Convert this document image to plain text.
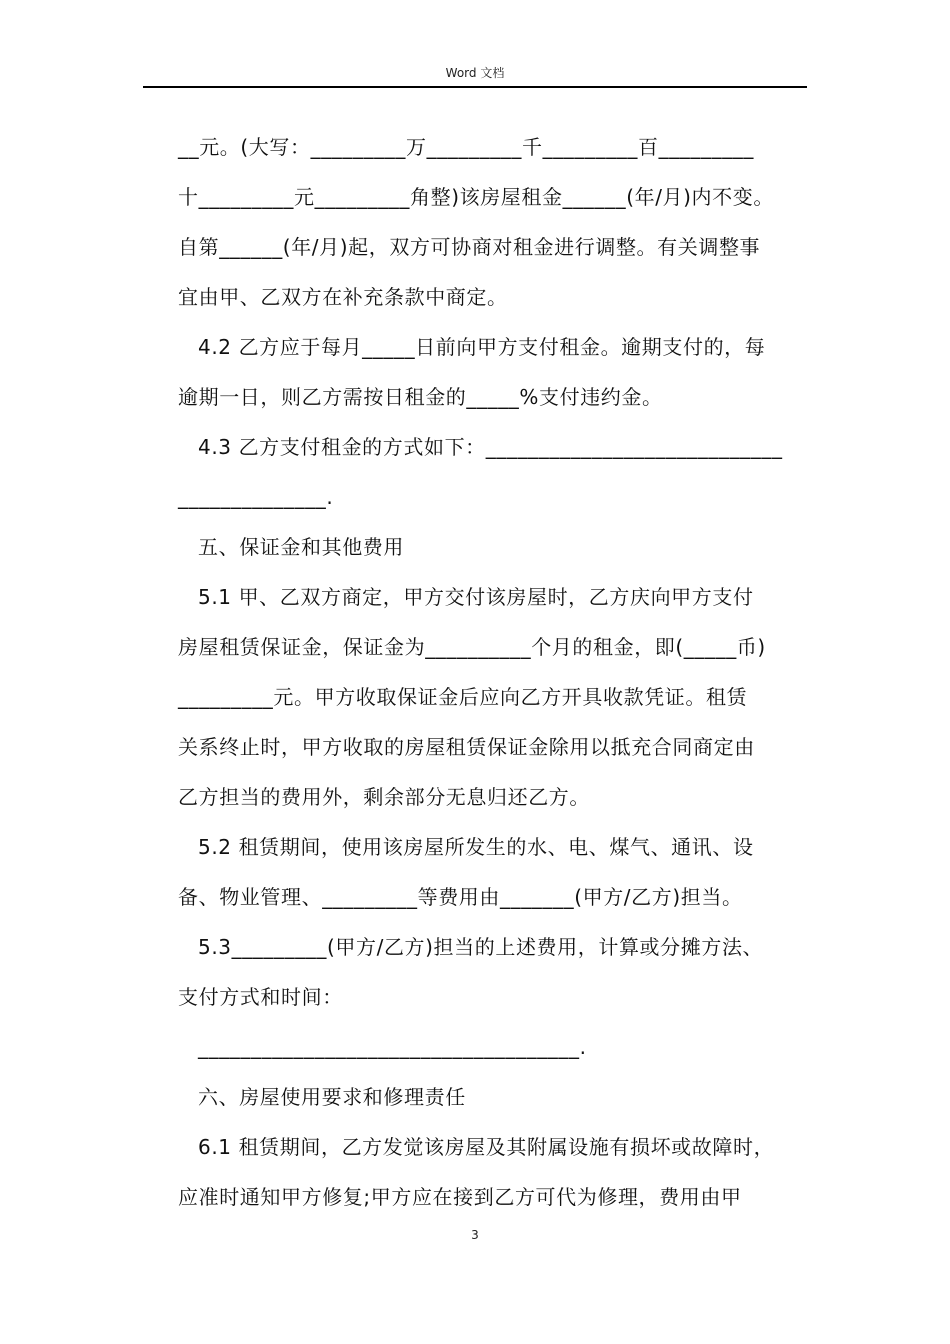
Word 文档
__元。(大写：_________万_________千_________百_________
十_________元_________角整)该房屋租金______(年/月)内不变。
自第______(年/月)起，双方可协商对租金进行调整。有关调整事
宜由甲、乙双方在补充条款中商定。
4.2 乙方应于每月_____日前向甲方支付租金。逾期支付的，每
逾期一日，则乙方需按日租金的_____%支付违约金。
4.3 乙方支付租金的方式如下：____________________________
______________.
五、保证金和其他费用
5.1 甲、乙双方商定，甲方交付该房屋时，乙方庆向甲方支付
房屋租赁保证金，保证金为__________个月的租金，即(_____币)
_________元。甲方收取保证金后应向乙方开具收款凭证。租赁
关系终止时，甲方收取的房屋租赁保证金除用以抵充合同商定由
乙方担当的费用外，剩余部分无息归还乙方。
5.2 租赁期间，使用该房屋所发生的水、电、煤气、通讯、设
备、物业管理、_________等费用由_______(甲方/乙方)担当。
5.3_________(甲方/乙方)担当的上述费用，计算或分摊方法、
支付方式和时间：
____________________________________.
六、房屋使用要求和修理责任
6.1 租赁期间，乙方发觉该房屋及其附属设施有损坏或故障时，
应准时通知甲方修复;甲方应在接到乙方可代为修理，费用由甲
3
